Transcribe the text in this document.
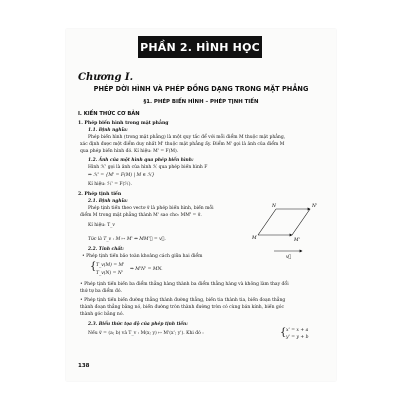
PHẦN 2. HÌNH HỌC
Chương I.
PHÉP DỜI HÌNH VÀ PHÉP ĐỒNG DẠNG TRONG MẶT PHẲNG
§1. PHÉP BIẾN HÌNH – PHÉP TỊNH TIẾN
I. KIẾN THỨC CƠ BẢN
1. Phép biến hình trong mặt phẳng
1.1. Định nghĩa:
Phép biến hình (trong mặt phẳng) là một quy tắc để với mỗi điểm M thuộc mặt phẳng,
xác định được một điểm duy nhất M' thuộc mặt phẳng ấy. Điểm M' gọi là ảnh của điểm M
qua phép biến hình đó. Kí hiệu: M' = F(M).
1.2. Ảnh của một hình qua phép biến hình:
Hình ℋ' gọi là ảnh của hình ℋ qua phép biến hình F
⇔ ℋ' = {M' = F(M) | M ∈ ℋ}
Kí hiệu: ℋ' = F(ℋ).
2. Phép tịnh tiến
2.1. Định nghĩa:
Phép tịnh tiến theo vectơ v⃗ là phép biến hình, biến mỗi
điểm M trong mặt phẳng thành M' sao cho: MM'⃗ = v⃗.
Kí hiệu: T_v
Tức là T_v : M ↦ M' ⇔ MM'⃗ = v⃗.
2.2. Tính chất:
• Phép tịnh tiến bảo toàn khoảng cách giữa hai điểm
{ T_v(M) = M'
T_v(N) = N'
⇒ M'N' = MN.
• Phép tịnh tiến biến ba điểm thẳng hàng thành ba điểm thẳng hàng và không làm thay đổi
thứ tự ba điểm đó.
• Phép tịnh tiến biến đường thẳng thành đường thẳng, biến tia thành tia, biến đoạn thẳng
thành đoạn thẳng bằng nó, biến đường tròn thành đường tròn có cùng bán kính, biến góc
thành góc bằng nó.
2.3. Biểu thức tọa độ của phép tịnh tiến:
Nếu v⃗ = (a; b) và T_v : M(x; y) ↦ M'(x'; y'). Khi đó :	{ x' = x + a
y' = y + b
N	N'
M	M'
v⃗
138
